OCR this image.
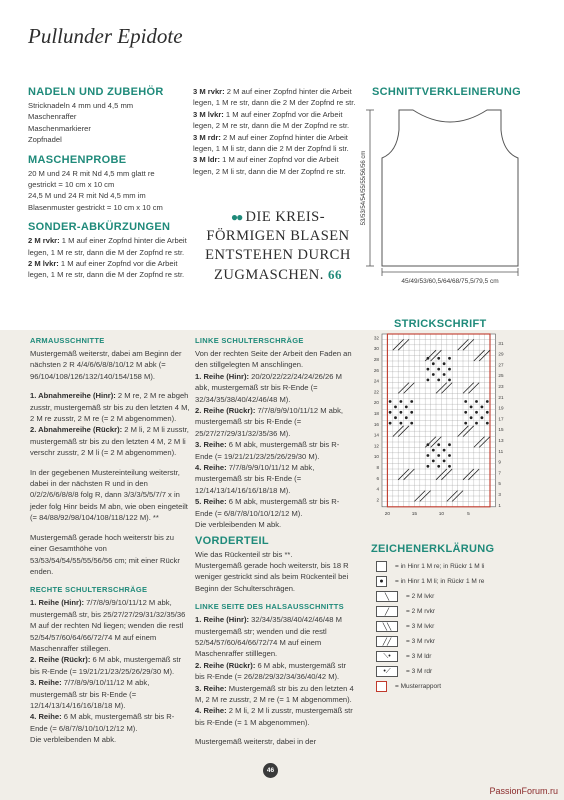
Pullunder Epidote
NADELN UND ZUBEHÖR
Stricknadeln 4 mm und 4,5 mm
Maschenraffer
Maschenmarkierer
Zopfnadel
MASCHENPROBE
20 M und 24 R mit Nd 4,5 mm glatt re
gestrickt = 10 cm x 10 cm
24,5 M und 24 R mit Nd 4,5 mm im
Blasenmuster gestrickt = 10 cm x 10 cm
SONDER-ABKÜRZUNGEN
2 M rvkr: 1 M auf einer Zopfnd hinter die Arbeit legen, 1 M re str, dann die M der Zopfnd re str.
2 M lvkr: 1 M auf einer Zopfnd vor die Arbeit legen, 1 M re str, dann die M der Zopfnd re str.
3 M rvkr: 2 M auf einer Zopfnd hinter die Arbeit legen, 1 M re str, dann die 2 M der Zopfnd re str.
3 M lvkr: 1 M auf einer Zopfnd vor die Arbeit legen, 2 M re str, dann die M der Zopfnd re str.
3 M rdr: 2 M auf einer Zopfnd hinter die Arbeit legen, 1 M li str, dann die 2 M der Zopfnd li str.
3 M ldr: 1 M auf einer Zopfnd vor die Arbeit legen, 2 M li str, dann die M der Zopfnd re str.
●● DIE KREIS-
FÖRMIGEN BLASEN
ENTSTEHEN DURCH
ZUGMASCHEN. 66
SCHNITTVERKLEINERUNG
53/53/54/54/55/55/56/56 cm
45/49/53/60,5/64/68/75,5/79,5 cm
ARMAUSSCHNITTE
Mustergemäß weiterstr, dabei am Beginn der nächsten 2 R 4/4/6/6/8/8/10/12 M abk (= 96/104/108/126/132/140/154/158 M).
1. Abnahmereihe (Hinr): 2 M re, 2 M re abgeh zusstr, mustergemäß str bis zu den letzten 4 M, 2 M re zusstr, 2 M re (= 2 M abgenommen).
2. Abnahmereihe (Rückr): 2 M li, 2 M li zusstr, mustergemäß str bis zu den letzten 4 M, 2 M li verschr zusstr, 2 M li (= 2 M abgenommen).
In der gegebenen Mustereinteilung weiterstr, dabei in der nächsten R und in den 0/2/2/6/6/8/8/8 folg R, dann 3/3/3/5/5/7/7 x in jeder folg Hinr beids M abn, wie oben eingeteilt (= 84/88/92/98/104/108/118/122 M). **
Mustergemäß gerade hoch weiterstr bis zu einer Gesamthöhe von 53/53/54/54/55/55/56/56 cm; mit einer Rückr enden.
RECHTE SCHULTERSCHRÄGE
1. Reihe (Hinr): 7/7/8/9/9/10/11/12 M abk, mustergemäß str, bis 25/27/27/29/31/32/35/36 M auf der rechten Nd liegen; wenden die restl 52/54/57/60/64/66/72/74 M auf einem Maschenraffer stillegen.
2. Reihe (Rückr): 6 M abk, mustergemäß str bis R-Ende (= 19/21/21/23/25/26/29/30 M).
3. Reihe: 7/7/8/9/9/10/11/12 M abk, mustergemäß str bis R-Ende (= 12/14/13/14/16/16/18/18 M).
4. Reihe: 6 M abk, mustergemäß str bis R-Ende (= 6/8/7/8/10/10/12/12 M).
Die verbleibenden M abk.
LINKE SCHULTERSCHRÄGE
Von der rechten Seite der Arbeit den Faden an den stillgelegten M anschlingen.
1. Reihe (Hinr): 20/20/22/22/24/24/26/26 M abk, mustergemäß str bis R-Ende (= 32/34/35/38/40/42/46/48 M).
2. Reihe (Rückr): 7/7/8/9/9/10/11/12 M abk, mustergemäß str bis R-Ende (= 25/27/27/29/31/32/35/36 M).
3. Reihe: 6 M abk, mustergemäß str bis R-Ende (= 19/21/21/23/25/26/29/30 M).
4. Reihe: 7/7/8/9/9/10/11/12 M abk, mustergemäß str bis R-Ende (= 12/14/13/14/16/16/18/18 M).
5. Reihe: 6 M abk, mustergemäß str bis R-Ende (= 6/8/7/8/10/10/12/12 M).
Die verbleibenden M abk.
VORDERTEIL
Wie das Rückenteil str bis **.
Mustergemäß gerade hoch weiterstr, bis 18 R weniger gestrickt sind als beim Rückenteil bei Beginn der Schulterschrägen.
LINKE SEITE DES HALSAUSSCHNITTS
1. Reihe (Hinr): 32/34/35/38/40/42/46/48 M mustergemäß str; wenden und die restl 52/54/57/60/64/66/72/74 M auf einem Maschenraffer stilllegen.
2. Reihe (Rückr): 6 M abk, mustergemäß str bis R-Ende (= 26/28/29/32/34/36/40/42 M).
3. Reihe: Mustergemäß str bis zu den letzten 4 M, 2 M re zusstr, 2 M re (= 1 M abgenommen).
4. Reihe: 2 M li, 2 M li zusstr, mustergemäß str bis R-Ende (= 1 M abgenommen).
Mustergemäß weiterstr, dabei in der
STRICKSCHRIFT
32
30
28
26
24
22
20
18
16
14
12
10
8
6
4
2
31
29
27
25
23
21
19
17
15
13
11
9
7
5
3
1
20	15	10	5
ZEICHENERKLÄRUNG
= in Hinr 1 M re; in Rückr 1 M li
●	= in Hinr 1 M li; in Rückr 1 M re
╲	= 2 M lvkr
╱	= 2 M rvkr
╲╲	= 3 M lvkr
╱╱	= 3 M rvkr
⟍•	= 3 M ldr
•⟋	= 3 M rdr
= Musterrapport
46
PassionForum.ru
